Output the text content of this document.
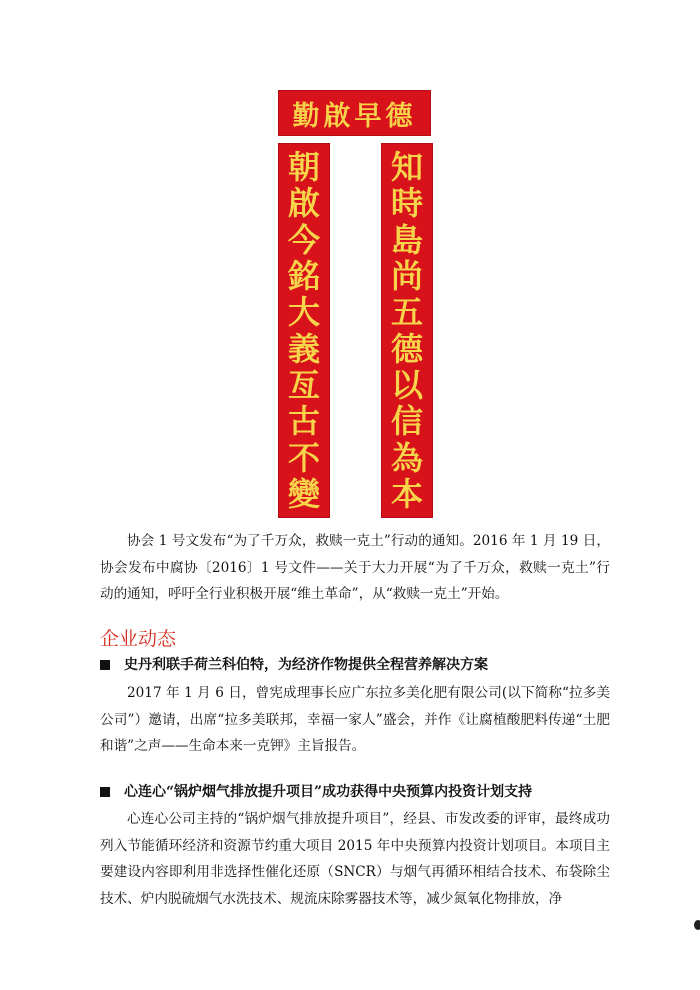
勤啟早德
朝
啟
今
銘
大
義
亙
古
不
變
知
時
島
尚
五
德
以
信
為
本

协会 1 号文发布“为了千万众，救赎一克土”行动的通知。2016 年 1 月 19 日，协会发布中腐协〔2016〕1 号文件——关于大力开展“为了千万众，救赎一克土”行动的通知，呼吁全行业积极开展“维土革命”，从“救赎一克土”开始。

企业动态
史丹利联手荷兰科伯特，为经济作物提供全程营养解决方案

2017 年 1 月 6 日，曾宪成理事长应广东拉多美化肥有限公司(以下简称“拉多美公司”）邀请，出席“拉多美联邦，幸福一家人”盛会，并作《让腐植酸肥料传递“土肥和谐”之声——生命本来一克钾》主旨报告。

心连心“锅炉烟气排放提升项目”成功获得中央预算内投资计划支持

心连心公司主持的“锅炉烟气排放提升项目”，经县、市发改委的评审，最终成功列入节能循环经济和资源节约重大项目 2015 年中央预算内投资计划项目。本项目主要建设内容即利用非选择性催化还原（SNCR）与烟气再循环相结合技术、布袋除尘技术、炉内脱硫烟气水洗技术、规流床除雾器技术等，减少氮氧化物排放，净
